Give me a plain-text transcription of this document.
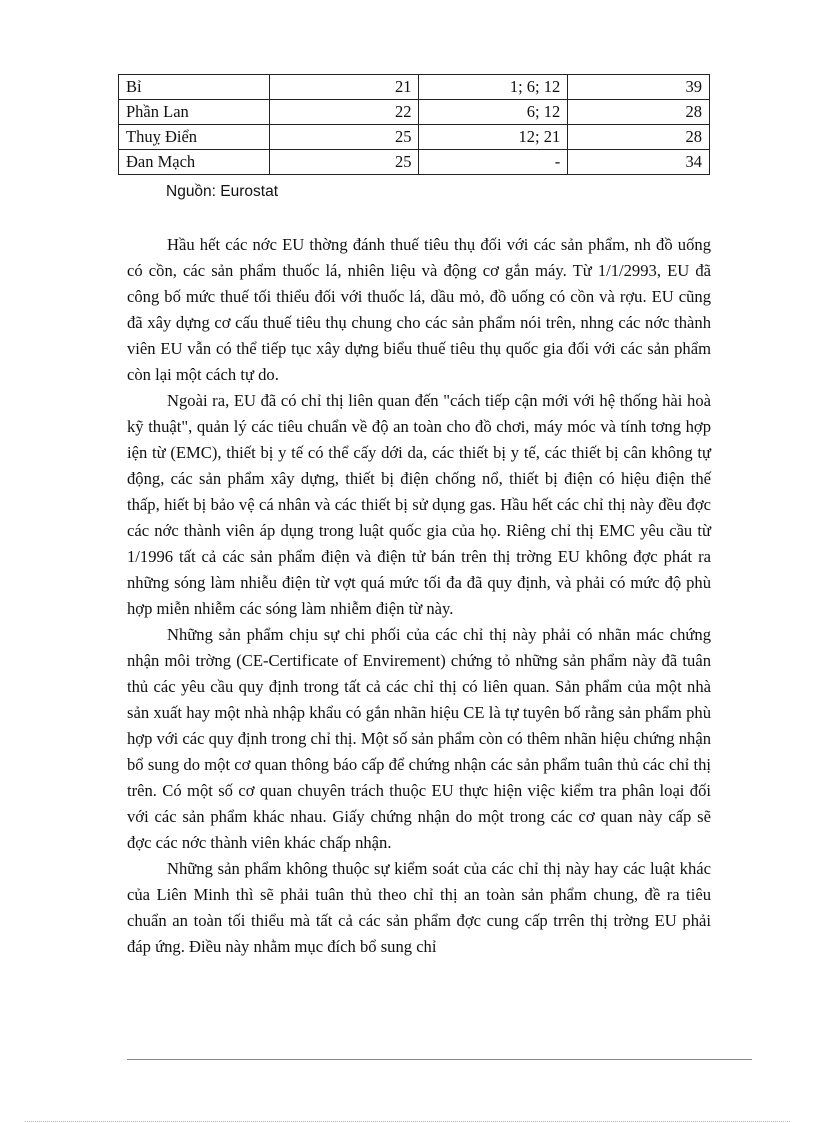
Bỉ	21	1; 6; 12	39
Phần Lan	22	6; 12	28
Thuỵ Điển	25	12; 21	28
Đan Mạch	25	-	34
Nguồn: Eurostat

Hầu hết các nớc EU thờng đánh thuế tiêu thụ đối với các sản phẩm, nh đồ uống có cồn, các sản phẩm thuốc lá, nhiên liệu và động cơ gắn máy. Từ 1/1/2993, EU đã công bố mức thuế tối thiểu đối với thuốc lá, dầu mỏ, đồ uống có cồn và rợu. EU cũng đã xây dựng cơ cấu thuế tiêu thụ chung cho các sản phẩm nói trên, nhng các nớc thành viên EU vẫn có thể tiếp tục xây dựng biểu thuế tiêu thụ quốc gia đối với các sản phẩm còn lại một cách tự do.

Ngoài ra, EU đã có chỉ thị liên quan đến "cách tiếp cận mới với hệ thống hài hoà kỹ thuật", quản lý các tiêu chuẩn về độ an toàn cho đồ chơi, máy móc và tính tơng hợp iện từ (EMC), thiết bị y tế có thể cấy dới da, các thiết bị y tế, các thiết bị cân không tự động, các sản phẩm xây dựng, thiết bị điện chống nổ, thiết bị điện có hiệu điện thế thấp, hiết bị bảo vệ cá nhân và các thiết bị sử dụng gas. Hầu hết các chỉ thị này đều đợc các nớc thành viên áp dụng trong luật quốc gia của họ. Riêng chỉ thị EMC yêu cầu từ 1/1996 tất cả các sản phẩm điện và điện tử bán trên thị trờng EU không đợc phát ra những sóng làm nhiễu điện từ vợt quá mức tối đa đã quy định, và phải có mức độ phù hợp miễn nhiễm các sóng làm nhiễm điện từ này.

Những sản phẩm chịu sự chi phối của các chỉ thị này phải có nhãn mác chứng nhận môi trờng (CE-Certificate of Envirement) chứng tỏ những sản phẩm này đã tuân thủ các yêu cầu quy định trong tất cả các chỉ thị có liên quan. Sản phẩm của một nhà sản xuất hay một nhà nhập khẩu có gắn nhãn hiệu CE là tự tuyên bố rằng sản phẩm phù hợp với các quy định trong chỉ thị. Một số sản phẩm còn có thêm nhãn hiệu chứng nhận bổ sung do một cơ quan thông báo cấp để chứng nhận các sản phẩm tuân thủ các chỉ thị trên. Có một số cơ quan chuyên trách thuộc EU thực hiện việc kiểm tra phân loại đối với các sản phẩm khác nhau. Giấy chứng nhận do một trong các cơ quan này cấp sẽ đợc các nớc thành viên khác chấp nhận.

Những sản phẩm không thuộc sự kiểm soát của các chỉ thị này hay các luật khác của Liên Minh thì sẽ phải tuân thủ theo chỉ thị an toàn sản phẩm chung, đề ra tiêu chuẩn an toàn tối thiểu mà tất cả các sản phẩm đợc cung cấp trrên thị trờng EU phải đáp ứng. Điều này nhằm mục đích bổ sung chỉ
